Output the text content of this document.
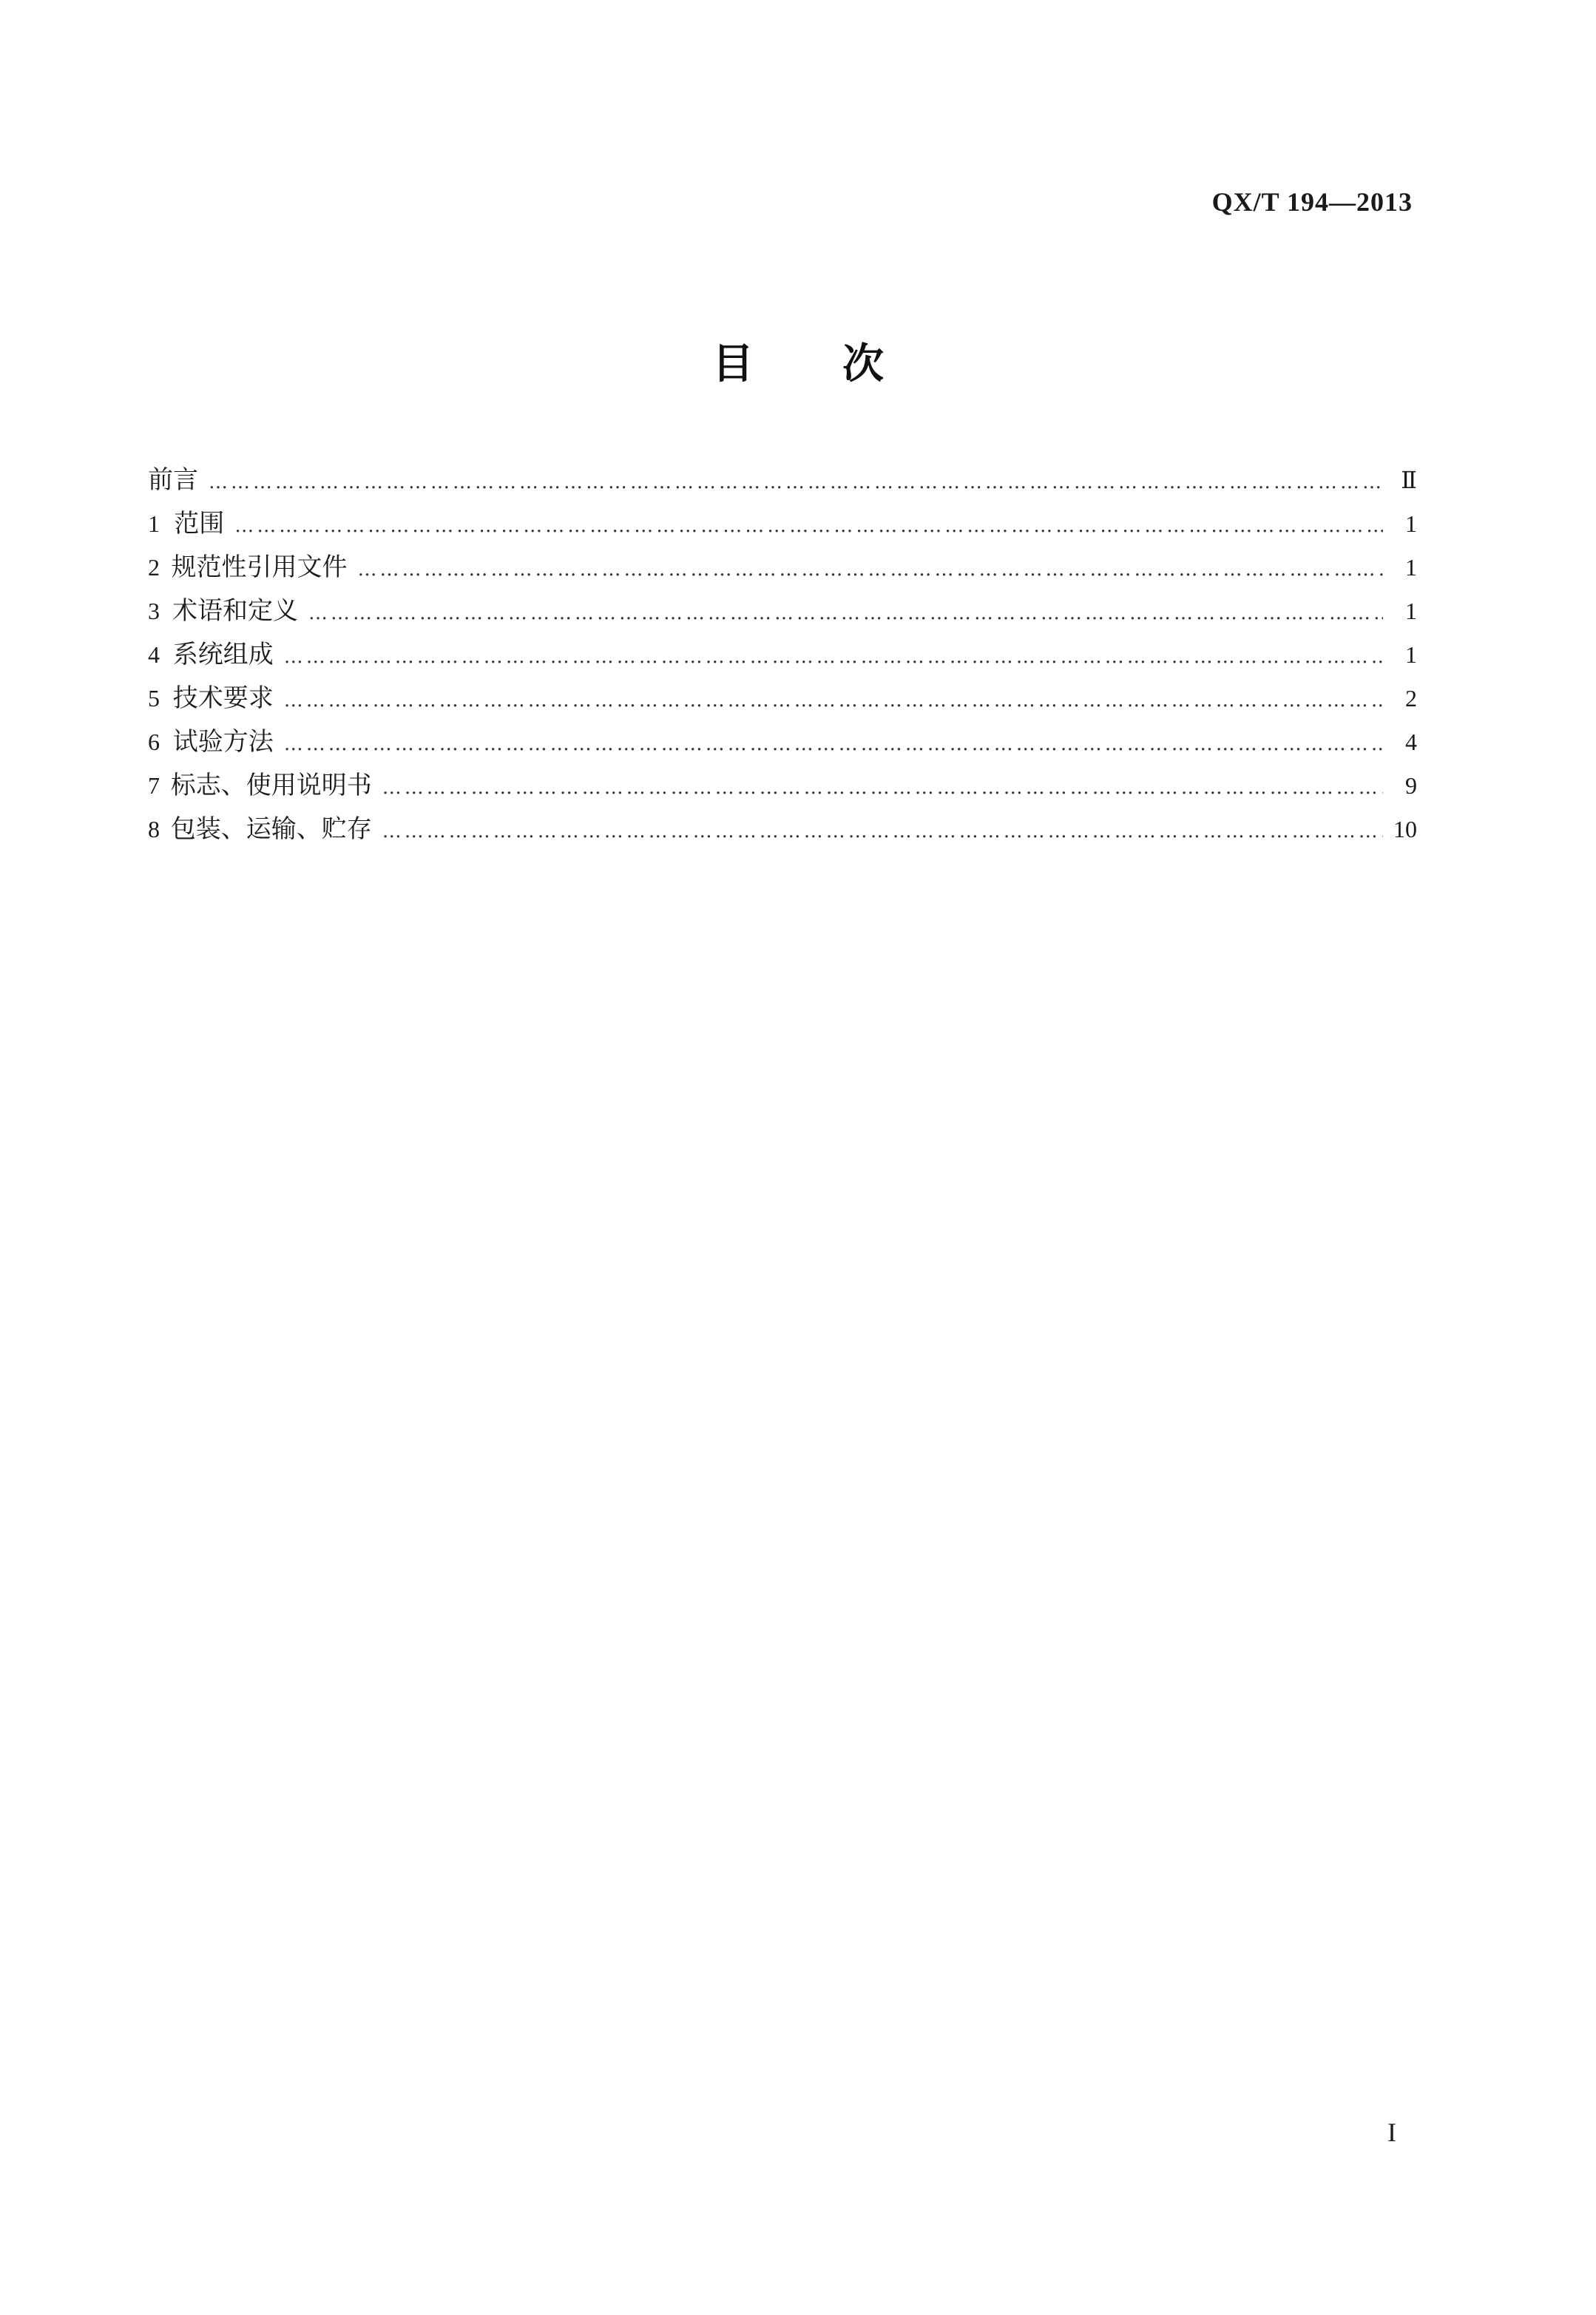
QX/T 194—2013
目次
前言 …………………………………………………………………………………………………………………………………………………………………………………………………………………………………………	Ⅱ
1 范围 …………………………………………………………………………………………………………………………………………………………………………………………………………………………………………	1
2 规范性引用文件 …………………………………………………………………………………………………………………………………………………………………………………………………………………………………………	1
3 术语和定义 …………………………………………………………………………………………………………………………………………………………………………………………………………………………………………	1
4 系统组成 …………………………………………………………………………………………………………………………………………………………………………………………………………………………………………	1
5 技术要求 …………………………………………………………………………………………………………………………………………………………………………………………………………………………………………	2
6 试验方法 …………………………………………………………………………………………………………………………………………………………………………………………………………………………………………	4
7 标志、使用说明书 …………………………………………………………………………………………………………………………………………………………………………………………………………………………………………	9
8 包装、运输、贮存 …………………………………………………………………………………………………………………………………………………………………………………………………………………………………………	10
I
